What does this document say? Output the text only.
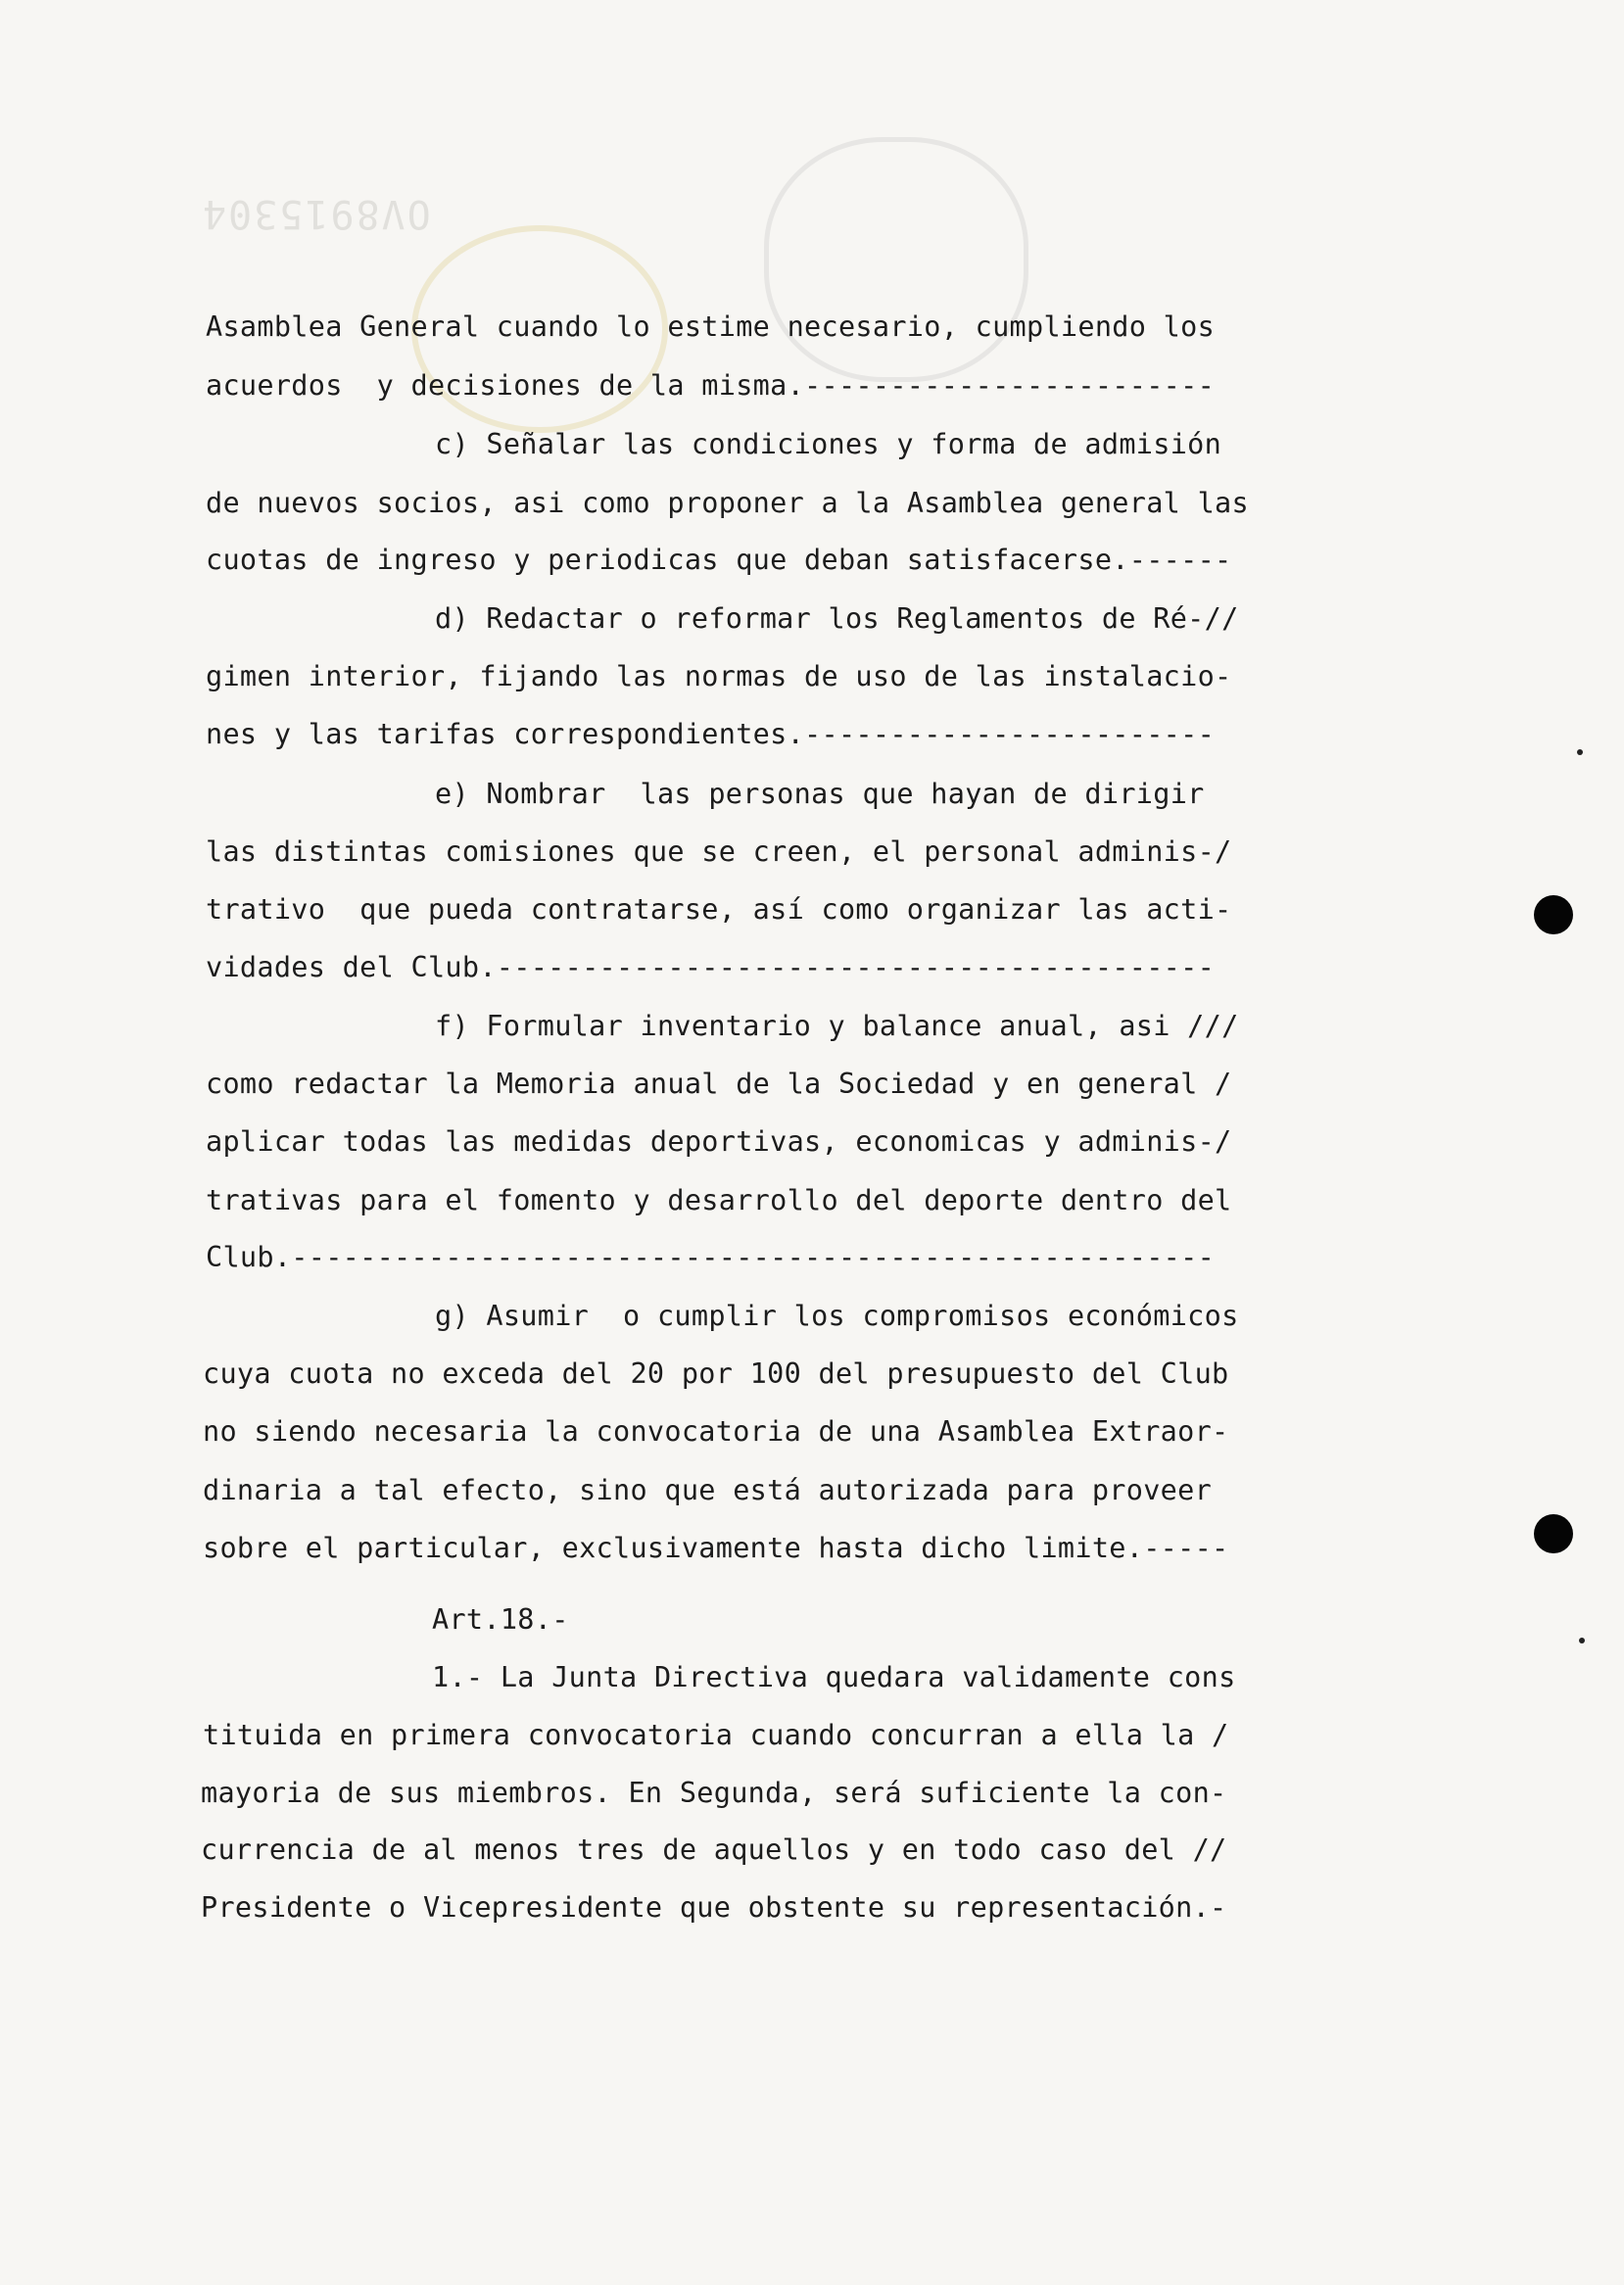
OV8915304
Asamblea General cuando lo estime necesario, cumpliendo los
acuerdos  y decisiones de la misma.------------------------
c) Señalar las condiciones y forma de admisión
de nuevos socios, asi como proponer a la Asamblea general las
cuotas de ingreso y periodicas que deban satisfacerse.------
d) Redactar o reformar los Reglamentos de Ré-//
gimen interior, fijando las normas de uso de las instalacio-
nes y las tarifas correspondientes.------------------------
e) Nombrar  las personas que hayan de dirigir
las distintas comisiones que se creen, el personal adminis-/
trativo  que pueda contratarse, así como organizar las acti-
vidades del Club.------------------------------------------
f) Formular inventario y balance anual, asi ///
como redactar la Memoria anual de la Sociedad y en general /
aplicar todas las medidas deportivas, economicas y adminis-/
trativas para el fomento y desarrollo del deporte dentro del
Club.------------------------------------------------------
g) Asumir  o cumplir los compromisos económicos
cuya cuota no exceda del 20 por 100 del presupuesto del Club
no siendo necesaria la convocatoria de una Asamblea Extraor-
dinaria a tal efecto, sino que está autorizada para proveer
sobre el particular, exclusivamente hasta dicho limite.-----
Art.18.-
1.- La Junta Directiva quedara validamente cons
tituida en primera convocatoria cuando concurran a ella la /
mayoria de sus miembros. En Segunda, será suficiente la con-
currencia de al menos tres de aquellos y en todo caso del //
Presidente o Vicepresidente que obstente su representación.-
